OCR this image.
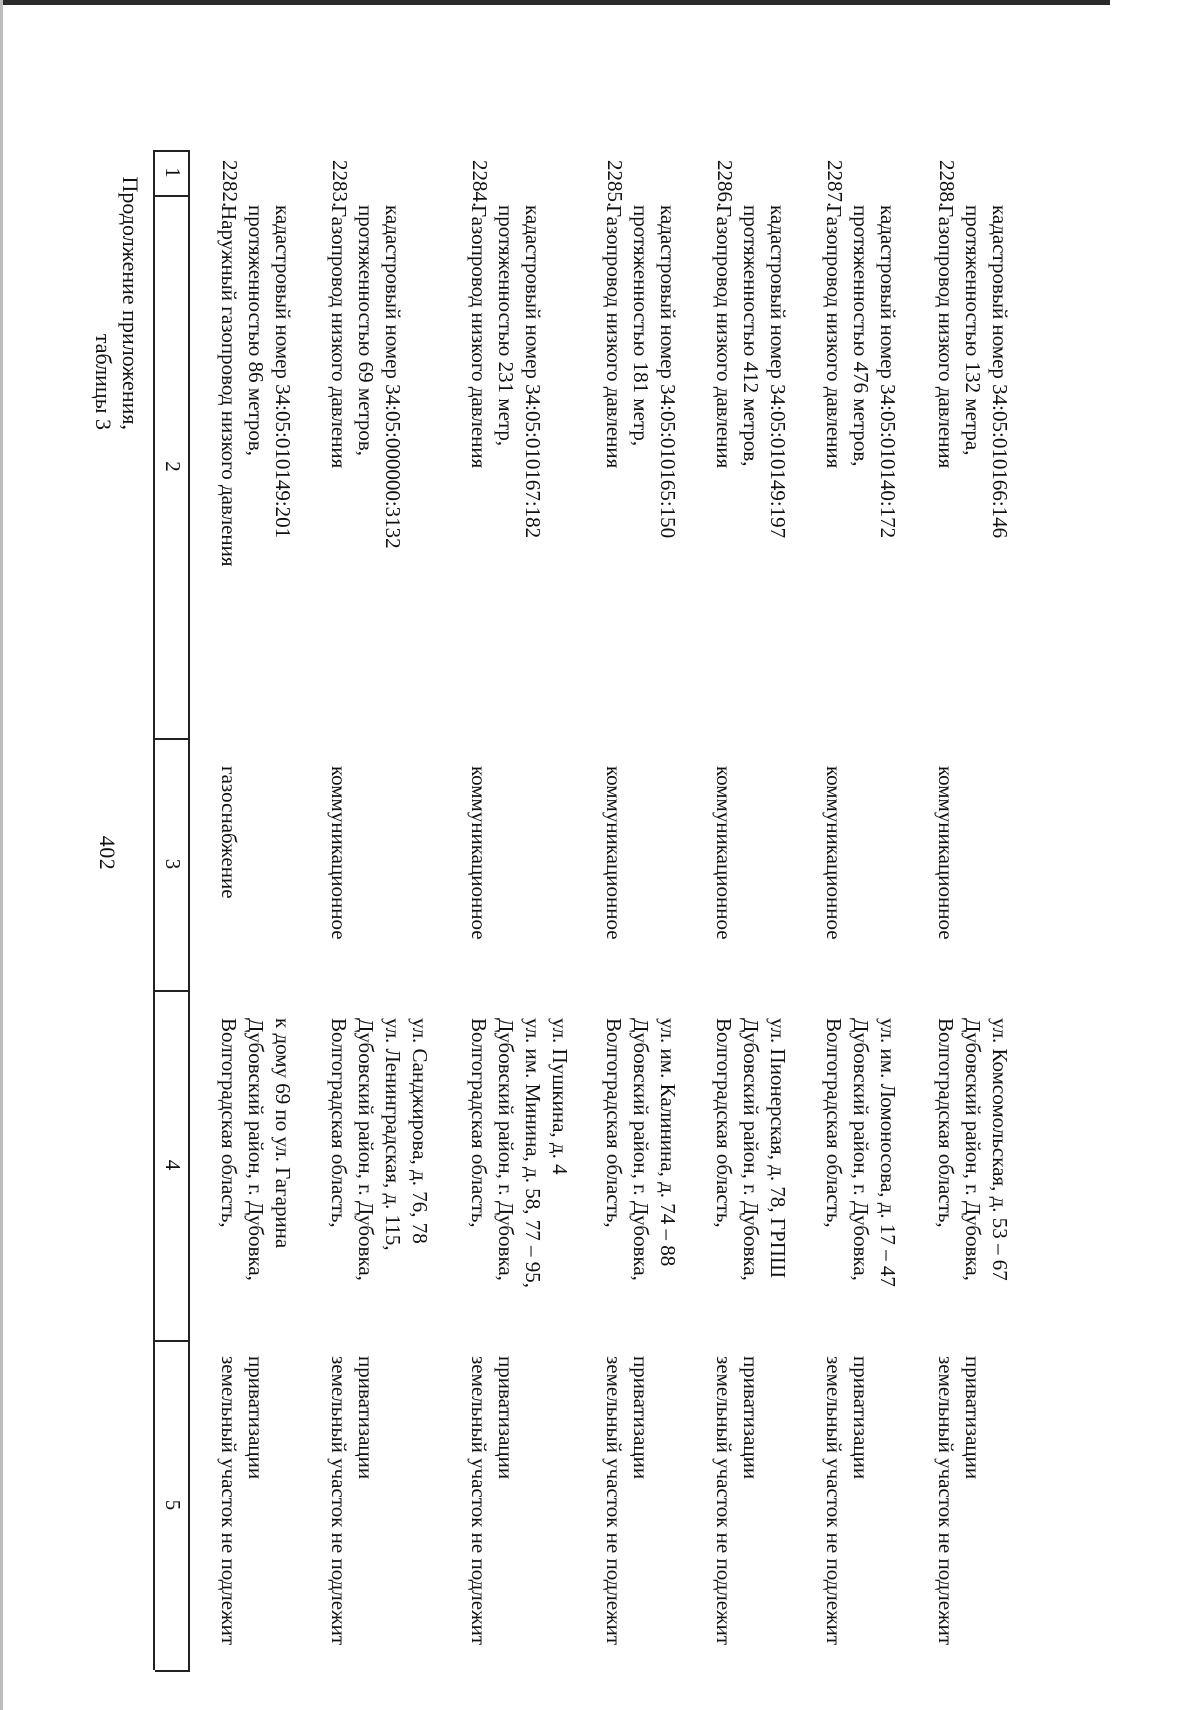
402
Продолжение приложения,
таблицы 3
1
2
3
4
5
2282.
Наружный газопровод низкого давления протяженностью 86 метров, кадастровый номер 34:05:010149:201
газоснабжение
Волгоградская область, Дубовский район, г. Дубовка, к дому 69 по ул. Гагарина
земельный участок не подлежит приватизации
2283.
Газопровод низкого давления протяженностью 69 метров, кадастровый номер 34:05:000000:3132
коммуникационное
Волгоградская область, Дубовский район, г. Дубовка, ул. Ленинградская, д. 115, ул. Санджирова, д. 76, 78
земельный участок не подлежит приватизации
2284.
Газопровод низкого давления протяженностью 231 метр, кадастровый номер 34:05:010167:182
коммуникационное
Волгоградская область, Дубовский район, г. Дубовка, ул. им. Минина, д. 58, 77 – 95, ул. Пушкина, д. 4
земельный участок не подлежит приватизации
2285.
Газопровод низкого давления протяженностью 181 метр, кадастровый номер 34:05:010165:150
коммуникационное
Волгоградская область, Дубовский район, г. Дубовка, ул. им. Калинина, д. 74 – 88
земельный участок не подлежит приватизации
2286.
Газопровод низкого давления протяженностью 412 метров, кадастровый номер 34:05:010149:197
коммуникационное
Волгоградская область, Дубовский район, г. Дубовка, ул. Пионерская, д. 78, ГРПШ
земельный участок не подлежит приватизации
2287.
Газопровод низкого давления протяженностью 476 метров, кадастровый номер 34:05:010140:172
коммуникационное
Волгоградская область, Дубовский район, г. Дубовка, ул. им. Ломоносова, д. 17 – 47
земельный участок не подлежит приватизации
2288.
Газопровод низкого давления протяженностью 132 метра, кадастровый номер 34:05:010166:146
коммуникационное
Волгоградская область, Дубовский район, г. Дубовка, ул. Комсомольская, д. 53 – 67
земельный участок не подлежит приватизации
